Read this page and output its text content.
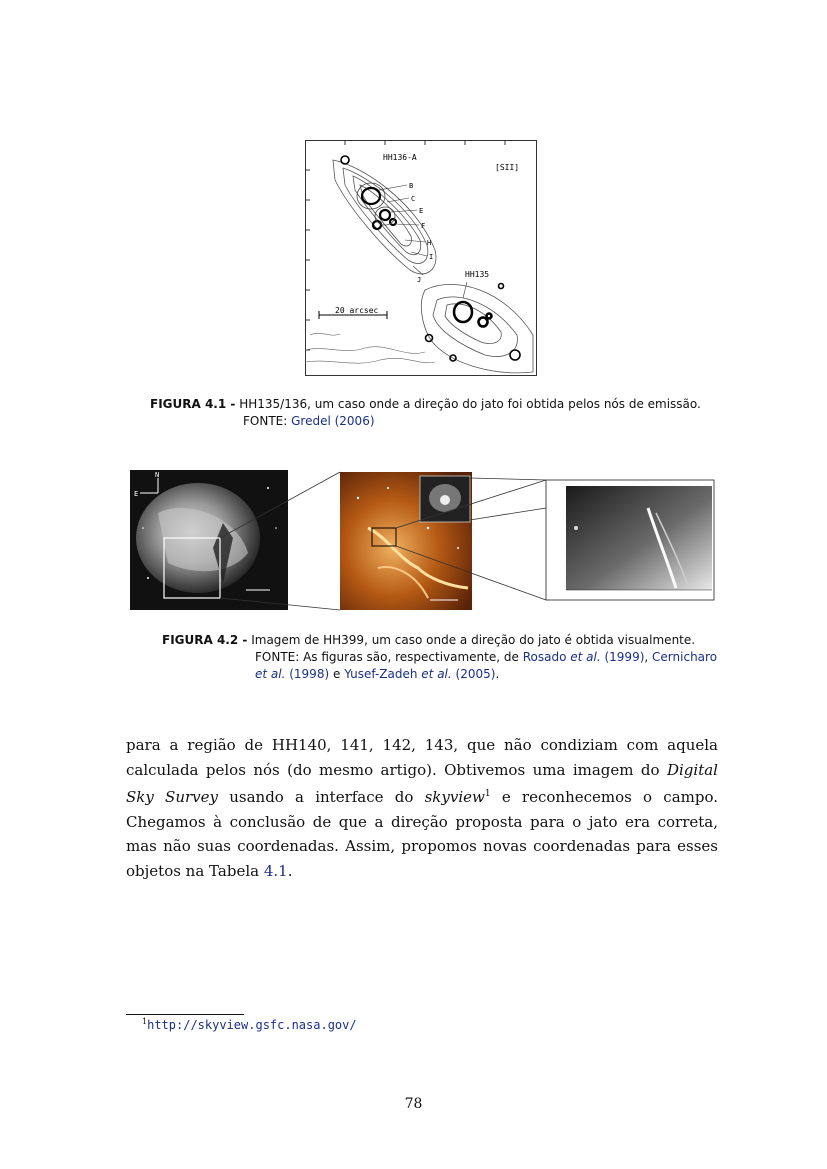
20 arcsec
HH136-A
[SII]
B
C
E
F
H
I
J
HH135
FIGURA 4.1 - HH135/136, um caso onde a direção do jato foi obtida pelos nós de emissão.
FONTE: Gredel (2006)
N
E
FIGURA 4.2 - Imagem de HH399, um caso onde a direção do jato é obtida visualmente.
FONTE: As figuras são, respectivamente, de Rosado et al. (1999), Cernicharo et al. (1998) e Yusef-Zadeh et al. (2005).

para a região de HH140, 141, 142, 143, que não condiziam com aquela calculada pelos nós (do mesmo artigo). Obtivemos uma imagem do Digital Sky Survey usando a interface do skyview$^1$ e reconhecemos o campo. Chegamos à conclusão de que a direção proposta para o jato era correta, mas não suas coordenadas. Assim, propomos novas coordenadas para esses objetos na Tabela 4.1.

$^1$http://skyview.gsfc.nasa.gov/
78
